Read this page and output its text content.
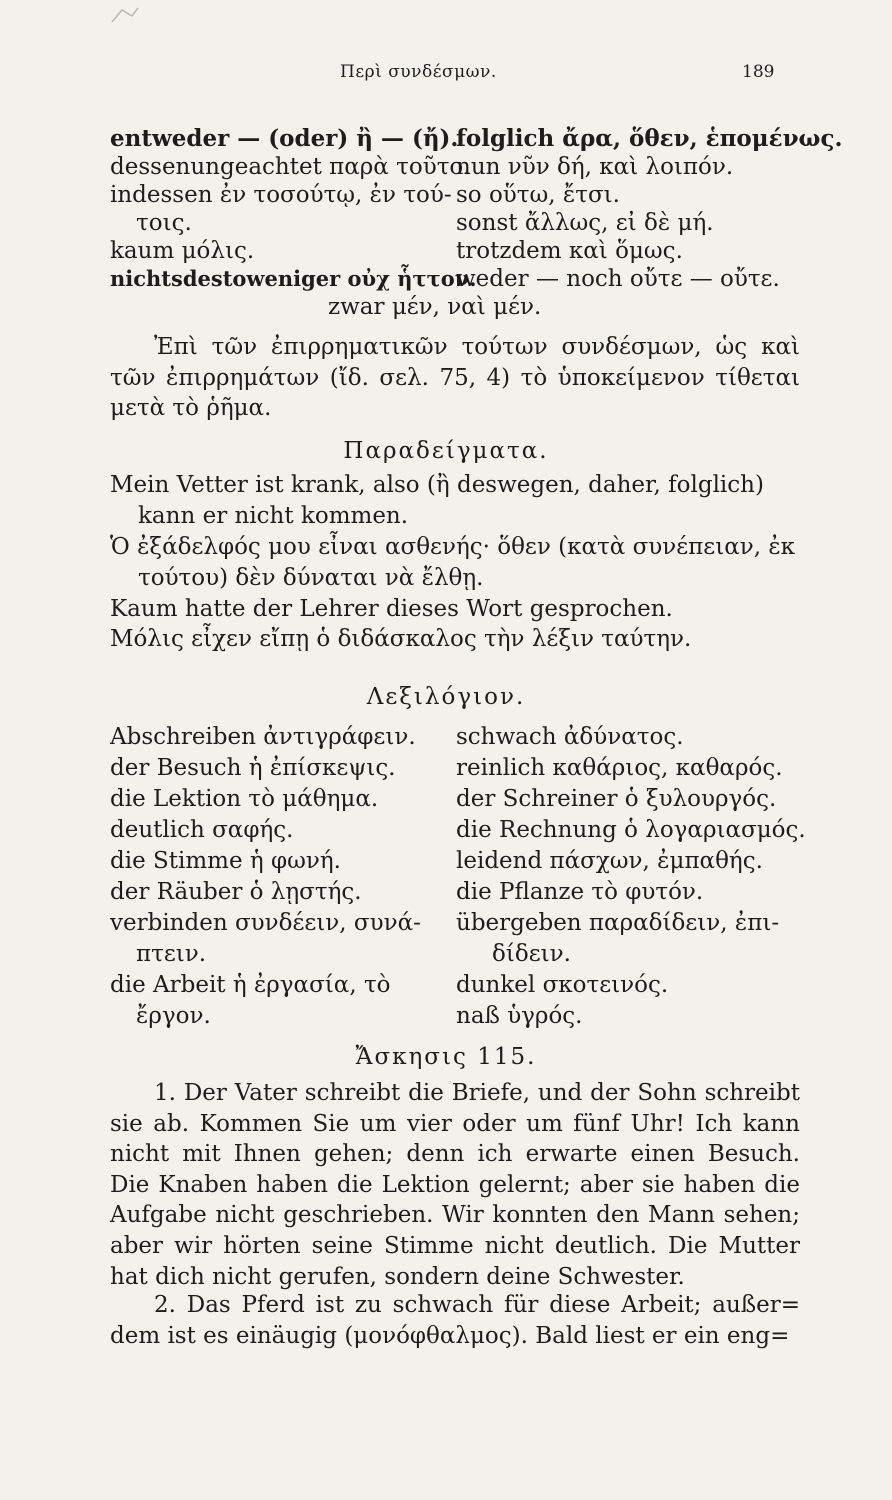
Περὶ συνδέσμων.	189
entweder — (oder) ἢ — (ἤ).
dessenungeachtet παρὰ τοῦτο.
indessen ἐν τοσούτῳ, ἐν τού-
τοις.
kaum μόλις.
nichtsdestoweniger οὐχ ἧττον.
folglich ἄρα, ὅθεν, ἑπομένως.
nun νῦν δή, καὶ λοιπόν.
so οὕτω, ἔτσι.
sonst ἄλλως, εἰ δὲ μή.
trotzdem καὶ ὅμως.
weder — noch οὔτε — οὔτε.
zwar μέν, ναὶ μέν.
Ἐπὶ τῶν ἐπιρρηματικῶν τούτων συνδέσμων, ὡς καὶ τῶν ἐπιρρημάτων (ἴδ. σελ. 75, 4) τὸ ὑποκείμενον τίθεται μετὰ τὸ ῥῆμα.
Παραδείγματα.
Mein Vetter ist krank, also (ἢ deswegen, daher, folglich) kann er nicht kommen.
Ὁ ἐξάδελφός μου εἶναι ασθενής· ὅθεν (κατὰ συνέπειαν, ἐκ τούτου) δὲν δύναται νὰ ἔλθῃ.
Kaum hatte der Lehrer dieses Wort gesprochen.
Μόλις εἶχεν εἴπῃ ὁ διδάσκαλος τὴν λέξιν ταύτην.
Λεξιλόγιον.
Abschreiben ἀντιγράφειν.
der Besuch ἡ ἐπίσκεψις.
die Lektion τὸ μάθημα.
deutlich σαφής.
die Stimme ἡ φωνή.
der Räuber ὁ λῃστής.
verbinden συνδέειν, συνά-
πτειν.
die Arbeit ἡ ἐργασία, τὸ
ἔργον.
schwach ἀδύνατος.
reinlich καθάριος, καθαρός.
der Schreiner ὁ ξυλουργός.
die Rechnung ὁ λογαριασμός.
leidend πάσχων, ἐμπαθής.
die Pflanze τὸ φυτόν.
übergeben παραδίδειν, ἐπι-
δίδειν.
dunkel σκοτεινός.
naß ὑγρός.
Ἄσκησις 115.
1. Der Vater schreibt die Briefe, und der Sohn schreibt sie ab. Kommen Sie um vier oder um fünf Uhr! Ich kann nicht mit Ihnen gehen; denn ich erwarte einen Besuch. Die Knaben haben die Lektion gelernt; aber sie haben die Aufgabe nicht geschrieben. Wir konnten den Mann sehen; aber wir hörten seine Stimme nicht deutlich. Die Mutter hat dich nicht gerufen, sondern deine Schwester.
2. Das Pferd ist zu schwach für diese Arbeit; außer= dem ist es einäugig (μονόφθαλμος). Bald liest er ein eng=
